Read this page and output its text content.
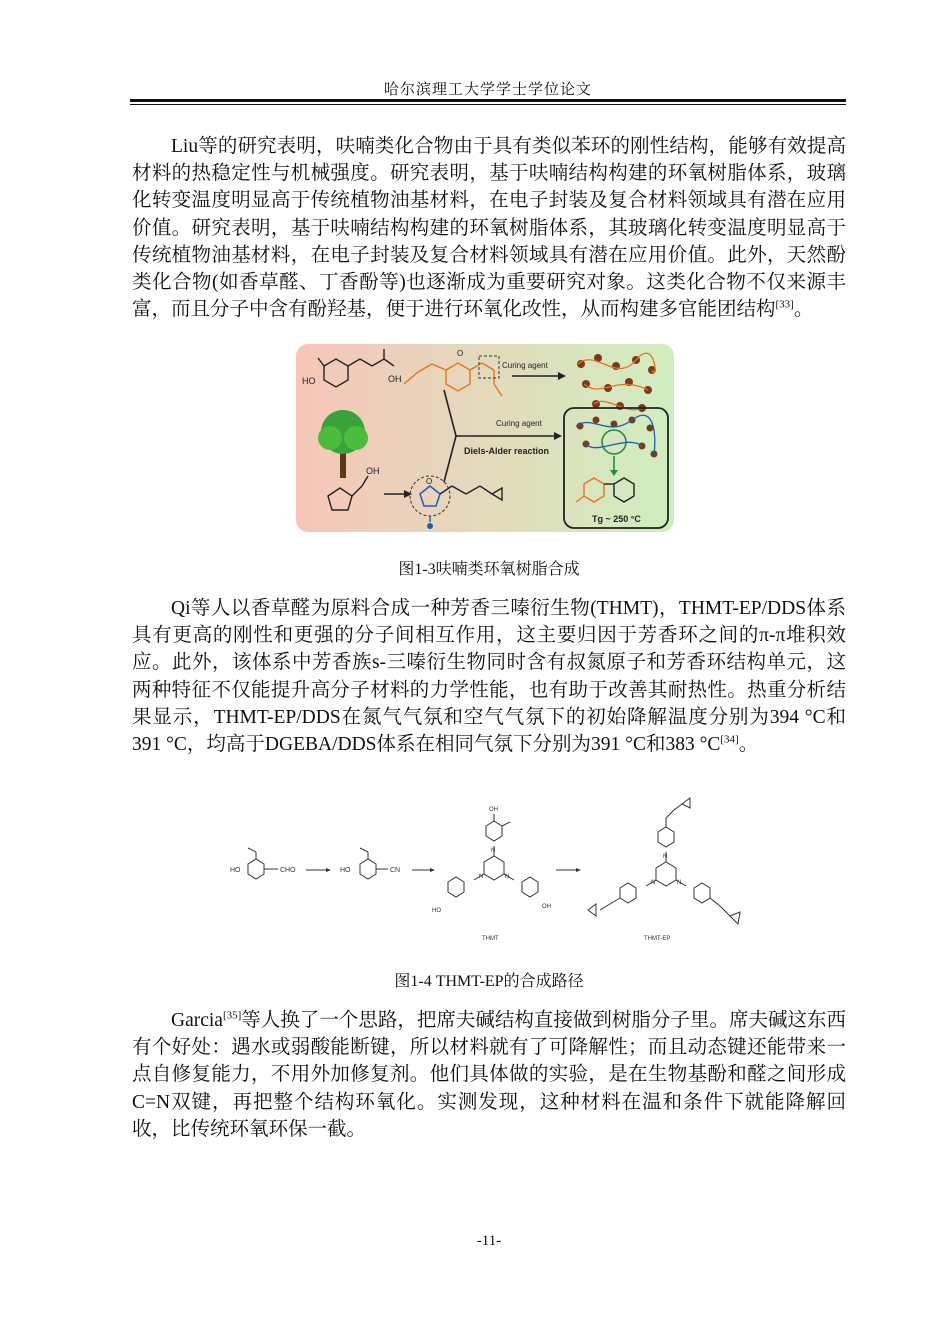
哈尔滨理工大学学士学位论文

Liu等的研究表明，呋喃类化合物由于具有类似苯环的刚性结构，能够有效提高材料的热稳定性与机械强度。研究表明，基于呋喃结构构建的环氧树脂体系，玻璃化转变温度明显高于传统植物油基材料，在电子封装及复合材料领域具有潜在应用价值。研究表明，基于呋喃结构构建的环氧树脂体系，其玻璃化转变温度明显高于传统植物油基材料，在电子封装及复合材料领域具有潜在应用价值。此外，天然酚类化合物(如香草醛、丁香酚等)也逐渐成为重要研究对象。这类化合物不仅来源丰富，而且分子中含有酚羟基，便于进行环氧化改性，从而构建多官能团结构[33]。

HO	OH
O
Curing agent
OH
Curing agent
Diels-Alder reaction
O
Tg ~ 250 °C
图1-3呋喃类环氧树脂合成

Qi等人以香草醛为原料合成一种芳香三嗪衍生物(THMT)，THMT-EP/DDS体系具有更高的刚性和更强的分子间相互作用，这主要归因于芳香环之间的π-π堆积效应。此外，该体系中芳香族s-三嗪衍生物同时含有叔氮原子和芳香环结构单元，这两种特征不仅能提升高分子材料的力学性能，也有助于改善其耐热性。热重分析结果显示，THMT-EP/DDS在氮气气氛和空气气氛下的初始降解温度分别为394 °C和391 °C，均高于DGEBA/DDS体系在相同气氛下分别为391 °C和383 °C[34]。

HO	CHO	HO	CN
OH
HO
OH
N
N	N
THMT
N
N	N
THMT-EP
图1-4 THMT-EP的合成路径

Garcia[35]等人换了一个思路，把席夫碱结构直接做到树脂分子里。席夫碱这东西有个好处：遇水或弱酸能断键，所以材料就有了可降解性；而且动态键还能带来一点自修复能力，不用外加修复剂。他们具体做的实验，是在生物基酚和醛之间形成C=N双键，再把整个结构环氧化。实测发现，这种材料在温和条件下就能降解回收，比传统环氧环保一截。

-11-
